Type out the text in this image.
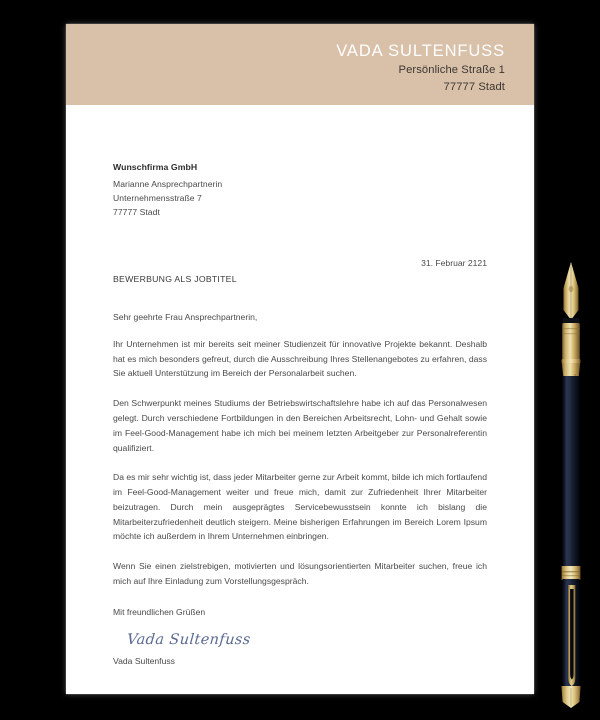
VADA SULTENFUSS
Persönliche Straße 1
77777 Stadt
Wunschfirma GmbH
Marianne Ansprechpartnerin
Unternehmensstraße 7
77777 Stadt
31. Februar 2121
BEWERBUNG ALS JOBTITEL
Sehr geehrte Frau Ansprechpartnerin,

Ihr Unternehmen ist mir bereits seit meiner Studienzeit für innovative Projekte bekannt. Deshalb hat es mich besonders gefreut, durch die Ausschreibung Ihres Stellenangebotes zu erfahren, dass Sie aktuell Unterstützung im Bereich der Personalarbeit suchen.

Den Schwerpunkt meines Studiums der Betriebswirtschaftslehre habe ich auf das Personalwesen gelegt. Durch verschiedene Fortbildungen in den Bereichen Arbeitsrecht, Lohn- und Gehalt sowie im Feel-Good-Management habe ich mich bei meinem letzten Arbeitgeber zur Personalreferentin qualifiziert.

Da es mir sehr wichtig ist, dass jeder Mitarbeiter gerne zur Arbeit kommt, bilde ich mich fortlaufend im Feel-Good-Management weiter und freue mich, damit zur Zufriedenheit Ihrer Mitarbeiter beizutragen. Durch mein ausgeprägtes Servicebewusstsein konnte ich bislang die Mitarbeiterzufriedenheit deutlich steigern. Meine bisherigen Erfahrungen im Bereich Lorem Ipsum möchte ich außerdem in Ihrem Unternehmen einbringen.

Wenn Sie einen zielstrebigen, motivierten und lösungsorientierten Mitarbeiter suchen, freue ich mich auf Ihre Einladung zum Vorstellungsgespräch.

Mit freundlichen Grüßen
Vada Sultenfuss
Vada Sultenfuss
